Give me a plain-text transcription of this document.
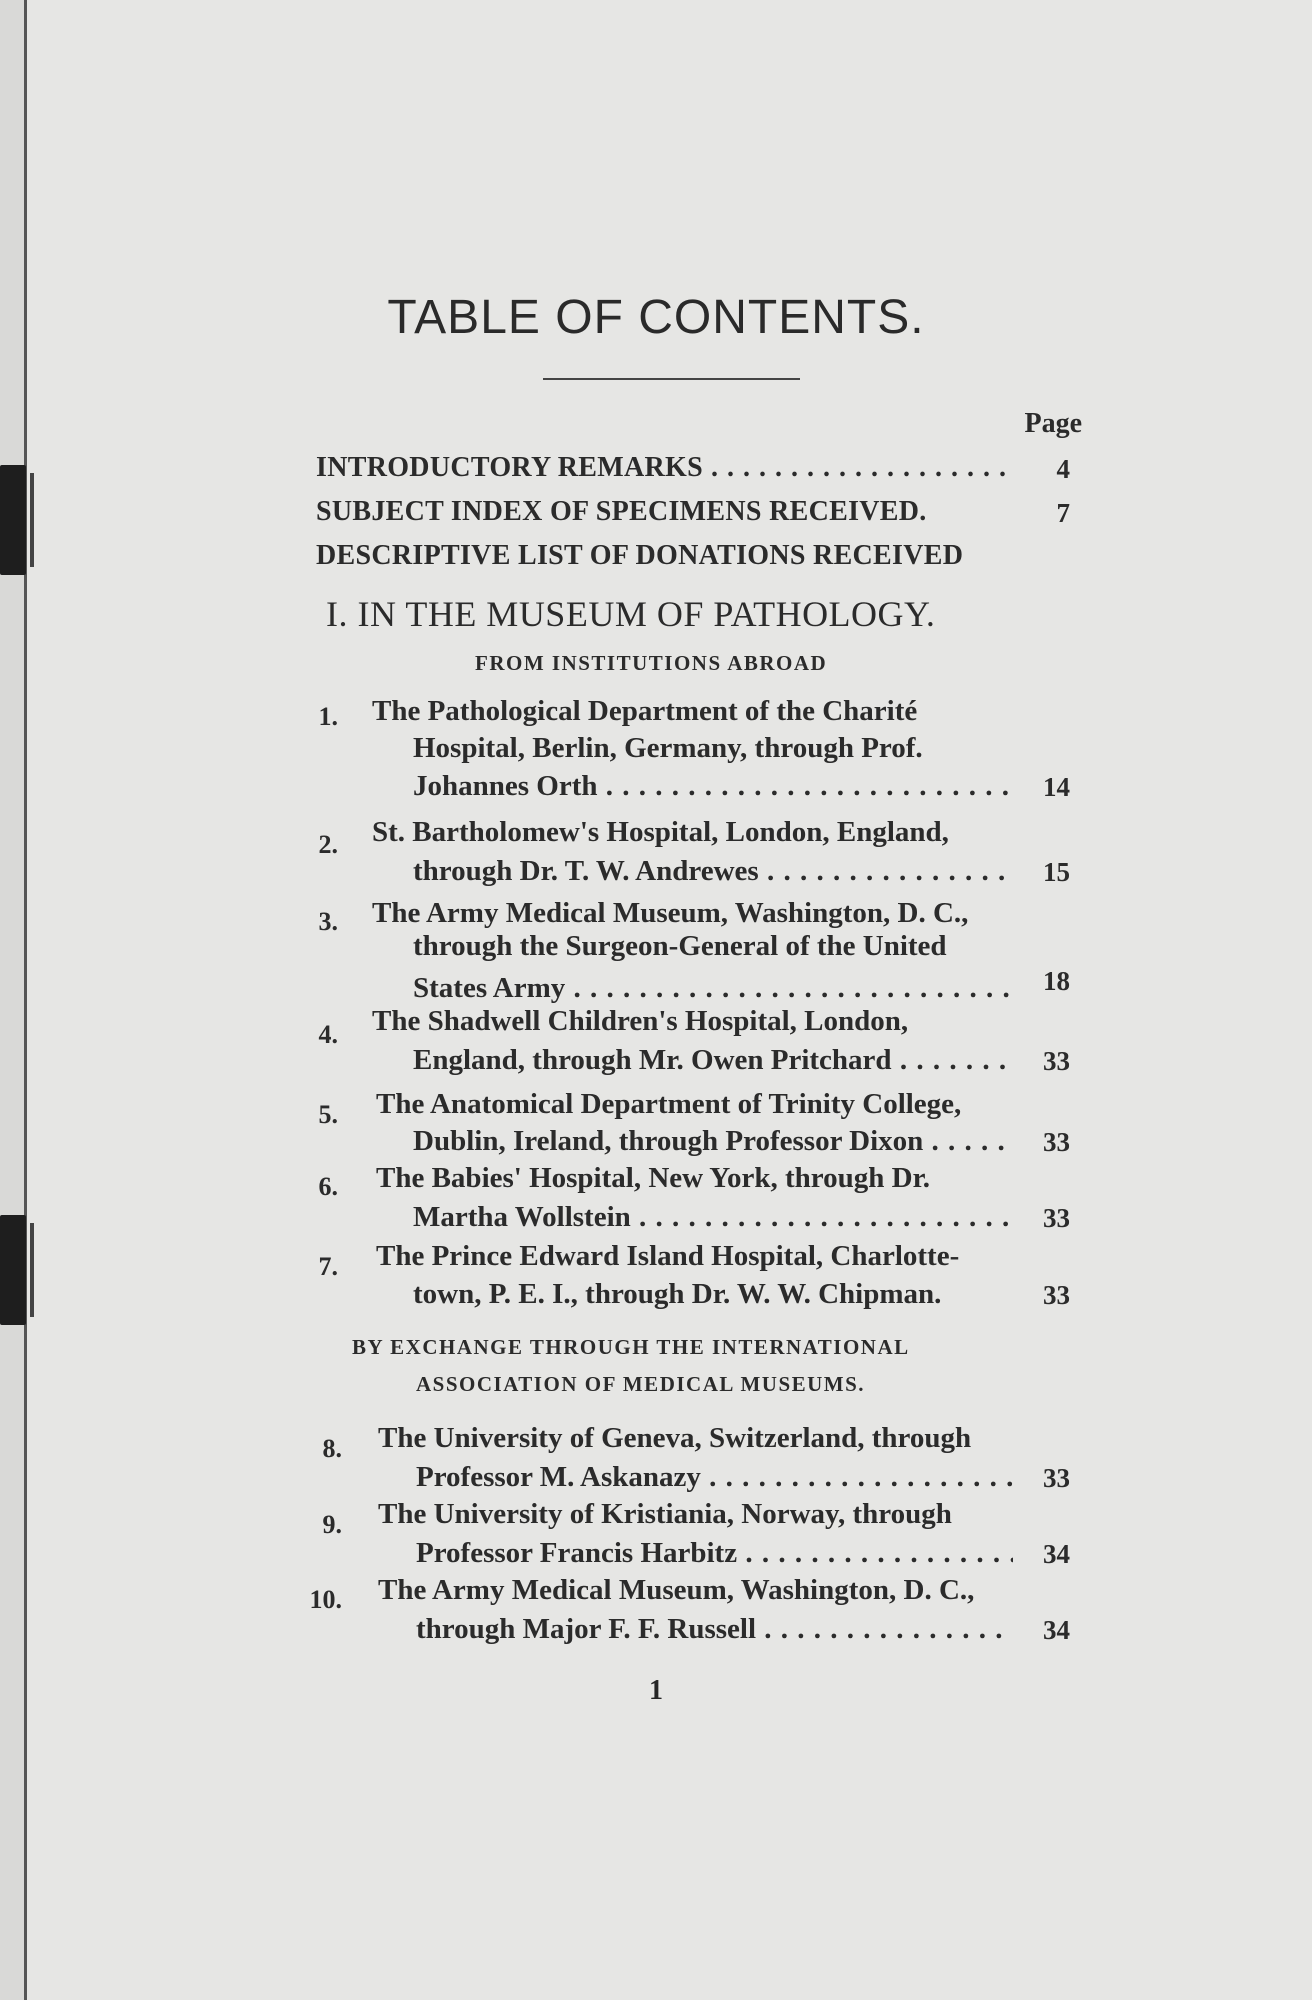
TABLE OF CONTENTS.
Page
INTRODUCTORY REMARKS . . .	4
SUBJECT INDEX OF SPECIMENS RECEIVED.	7
DESCRIPTIVE LIST OF DONATIONS RECEIVED
I. IN THE MUSEUM OF PATHOLOGY.
FROM INSTITUTIONS ABROAD
1. The Pathological Department of the Charité
Hospital, Berlin, Germany, through Prof.
Johannes Orth . . .	14
2. St. Bartholomew's Hospital, London, England,
through Dr. T. W. Andrewes . . .	15
3. The Army Medical Museum, Washington, D. C.,
through the Surgeon-General of the United
States Army . . .	18
4. The Shadwell Children's Hospital, London,
England, through Mr. Owen Pritchard . . .	33
5. The Anatomical Department of Trinity College,
Dublin, Ireland, through Professor Dixon . . .	33
6. The Babies' Hospital, New York, through Dr.
Martha Wollstein . . .	33
7. The Prince Edward Island Hospital, Charlotte-
town, P. E. I., through Dr. W. W. Chipman.	33
BY EXCHANGE THROUGH THE INTERNATIONAL
ASSOCIATION OF MEDICAL MUSEUMS.
8. The University of Geneva, Switzerland, through
Professor M. Askanazy . . .	33
9. The University of Kristiania, Norway, through
Professor Francis Harbitz . . .	34
10. The Army Medical Museum, Washington, D. C.,
through Major F. F. Russell . . .	34
1
